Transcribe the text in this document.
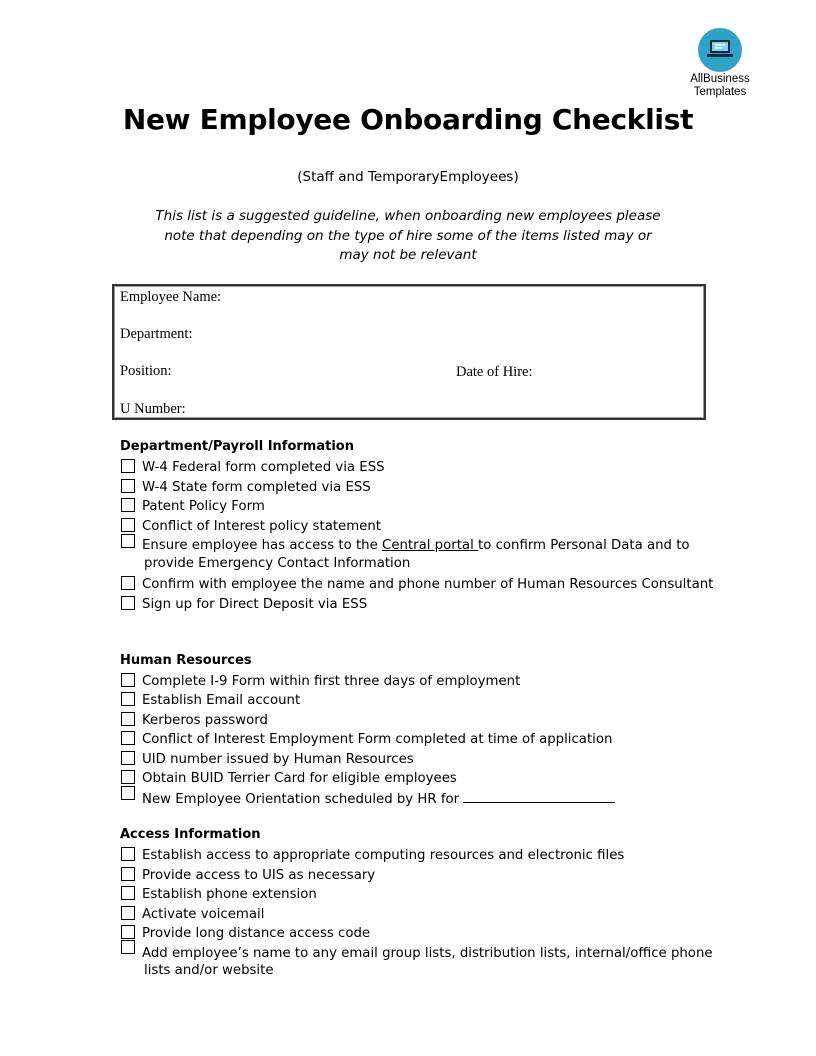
AllBusiness
Templates
New Employee Onboarding Checklist
(Staff and TemporaryEmployees)
This list is a suggested guideline, when onboarding new employees please note that depending on the type of hire some of the items listed may or may not be relevant
Employee Name:
Department:
Position:	Date of Hire:
U Number:
Department/Payroll Information
W-4 Federal form completed via ESS
W-4 State form completed via ESS
Patent Policy Form
Conflict of Interest policy statement
Ensure employee has access to the Central portal to confirm Personal Data and to
provide Emergency Contact Information
Confirm with employee the name and phone number of Human Resources Consultant
Sign up for Direct Deposit via ESS
Human Resources
Complete I-9 Form within first three days of employment
Establish Email account
Kerberos password
Conflict of Interest Employment Form completed at time of application
UID number issued by Human Resources
Obtain BUID Terrier Card for eligible employees
New Employee Orientation scheduled by HR for
Access Information
Establish access to appropriate computing resources and electronic files
Provide access to UIS as necessary
Establish phone extension
Activate voicemail
Provide long distance access code
Add employee’s name to any email group lists, distribution lists, internal/office phone
lists and/or website
